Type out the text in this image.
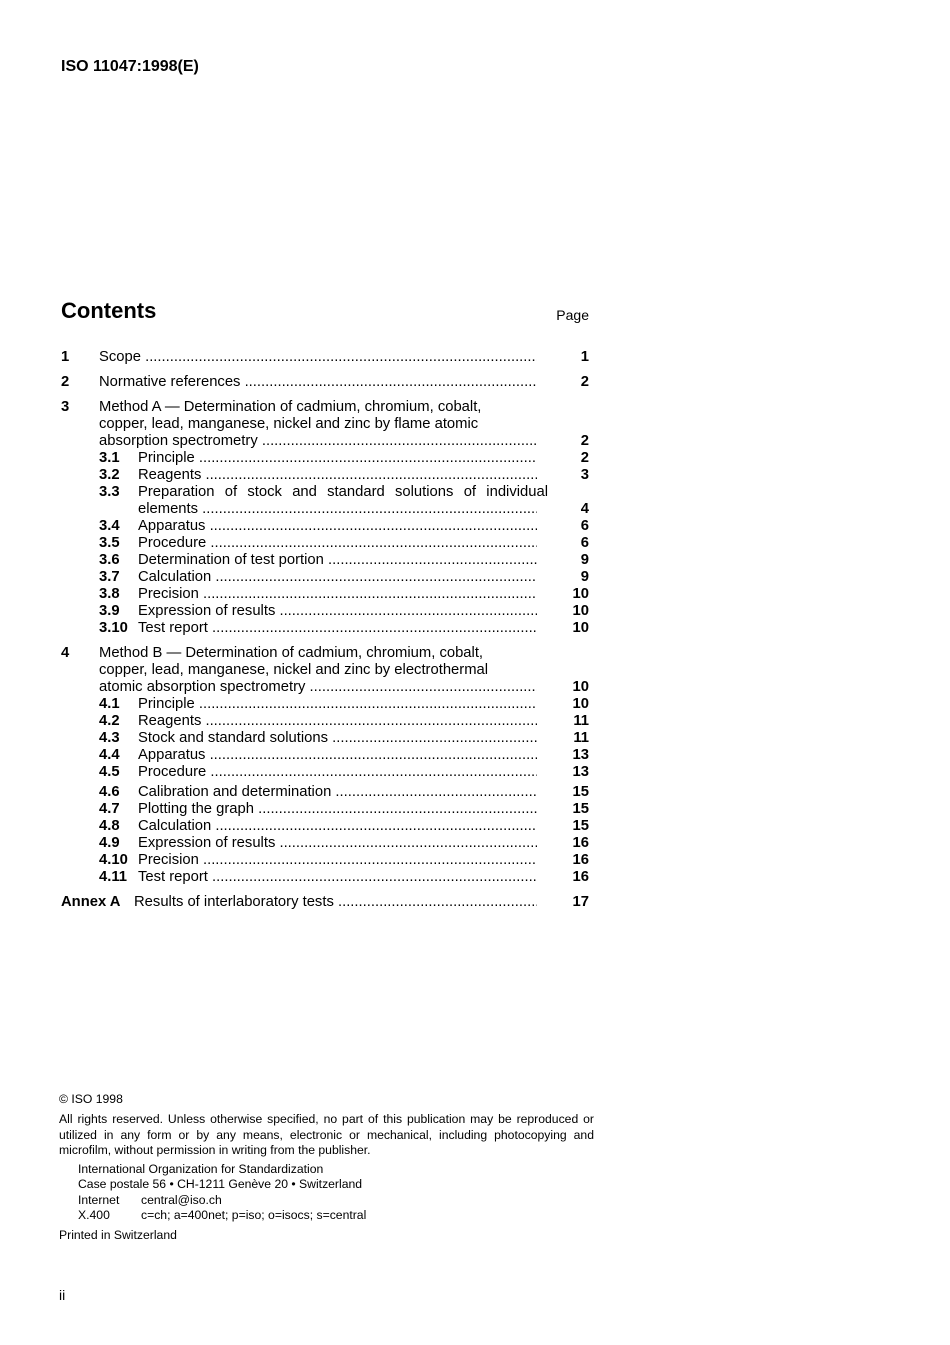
ISO 11047:1998(E)
Contents	Page
1 Scope .....	1
2 Normative references .....	2
3	Method A — Determination of cadmium, chromium, cobalt,
copper, lead, manganese, nickel and zinc by flame atomic
absorption spectrometry .....	2
3.1 Principle .....	2
3.2 Reagents .....	3
3.3 Preparation of stock and standard solutions of individual
elements .....	4
3.4 Apparatus .....	6
3.5 Procedure .....	6
3.6 Determination of test portion .....	9
3.7 Calculation .....	9
3.8 Precision .....	10
3.9 Expression of results .....	10
3.10 Test report .....	10
4	Method B — Determination of cadmium, chromium, cobalt,
copper, lead, manganese, nickel and zinc by electrothermal
atomic absorption spectrometry .....	10
4.1 Principle .....	10
4.2 Reagents .....	11
4.3 Stock and standard solutions .....	11
4.4 Apparatus .....	13
4.5 Procedure .....	13
4.6 Calibration and determination .....	15
4.7 Plotting the graph .....	15
4.8 Calculation .....	15
4.9 Expression of results .....	16
4.10 Precision .....	16
4.11 Test report .....	16
Annex A Results of interlaboratory tests .....	17

© ISO 1998

All rights reserved. Unless otherwise specified, no part of this publication may be reproduced or utilized in any form or by any means, electronic or mechanical, including photocopying and microfilm, without permission in writing from the publisher.

International Organization for Standardization

Case postale 56 • CH-1211 Genève 20 • Switzerland

Internet	central@iso.ch
X.400	c=ch; a=400net; p=iso; o=isocs; s=central

Printed in Switzerland

ii
